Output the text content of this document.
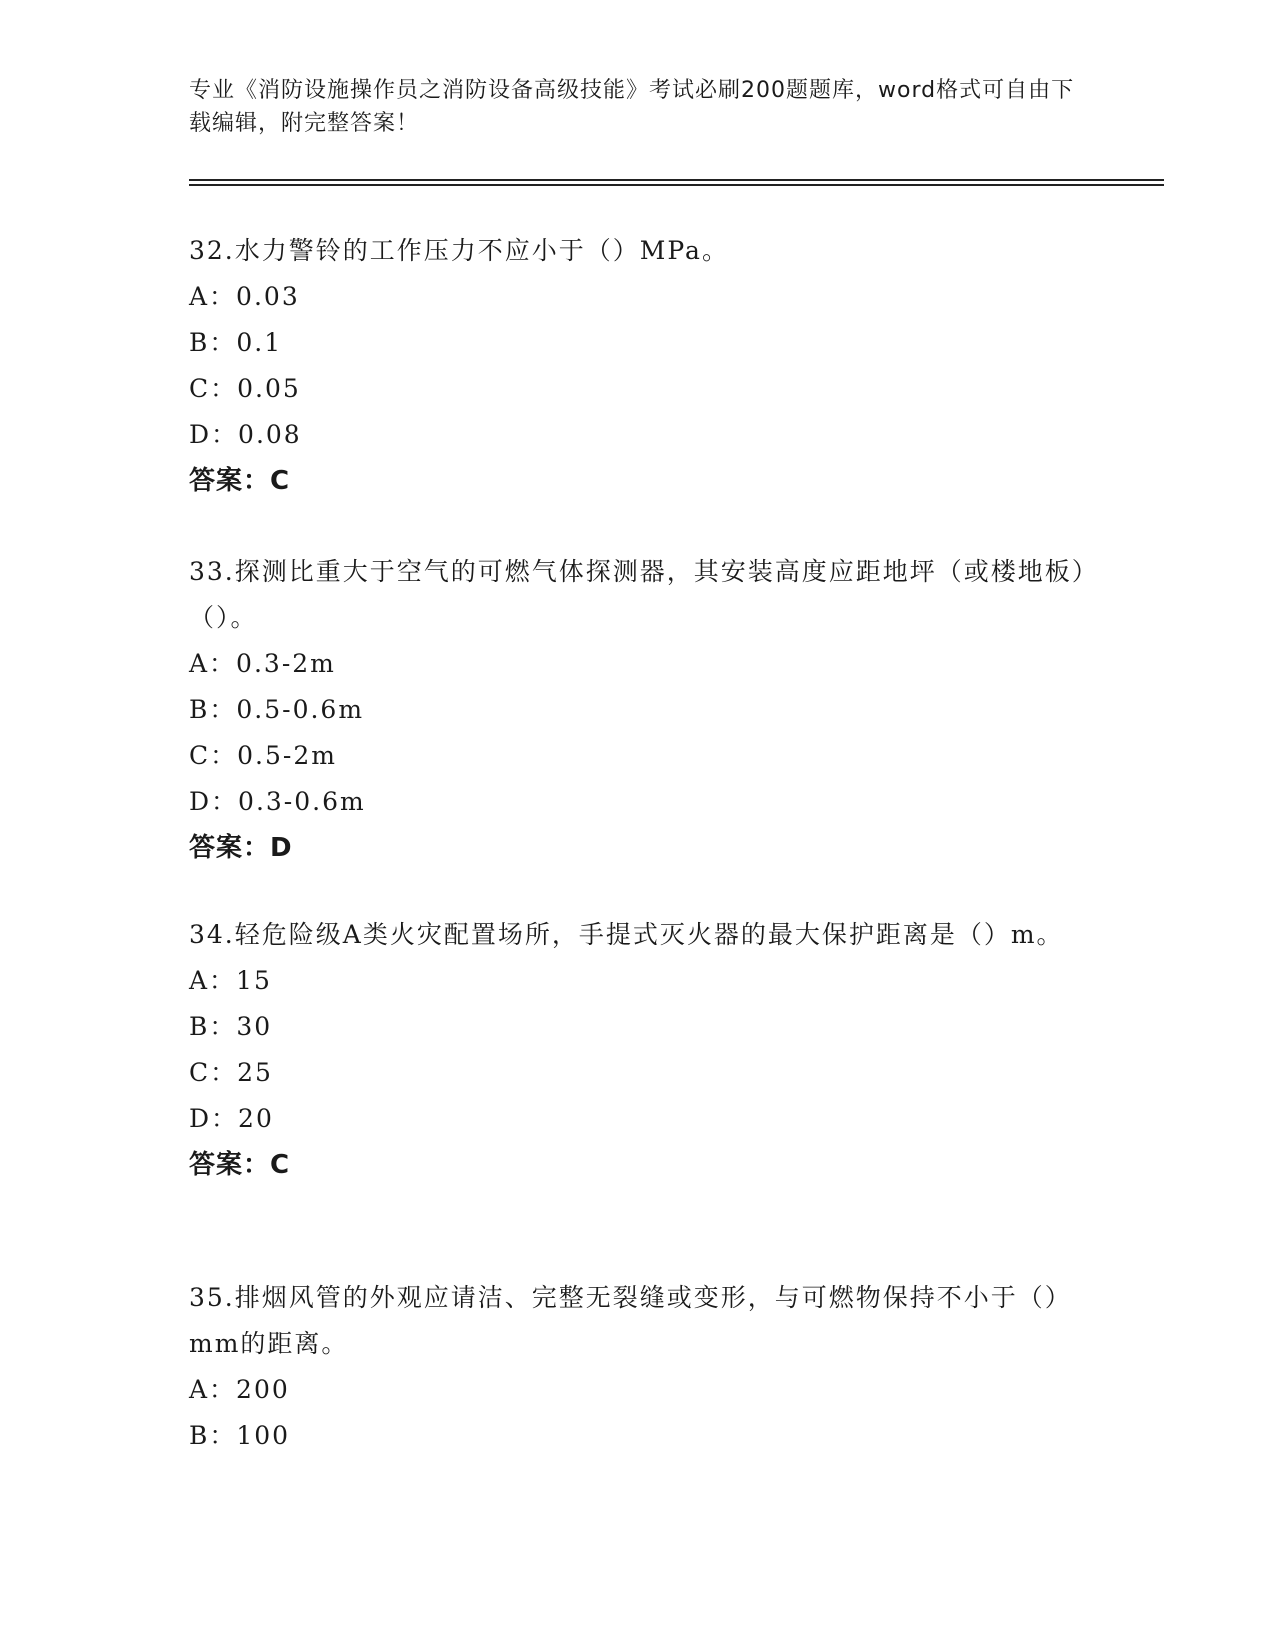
专业《消防设施操作员之消防设备高级技能》考试必刷200题题库，word格式可自由下载编辑，附完整答案！
32.水力警铃的工作压力不应小于（）MPa。
A：0.03
B：0.1
C：0.05
D：0.08
答案：C
33.探测比重大于空气的可燃气体探测器，其安装高度应距地坪（或楼地板）（）。
A：0.3-2m
B：0.5-0.6m
C：0.5-2m
D：0.3-0.6m
答案：D
34.轻危险级A类火灾配置场所，手提式灭火器的最大保护距离是（）m。
A：15
B：30
C：25
D：20
答案：C
35.排烟风管的外观应请洁、完整无裂缝或变形，与可燃物保持不小于（）mm的距离。
A：200
B：100
